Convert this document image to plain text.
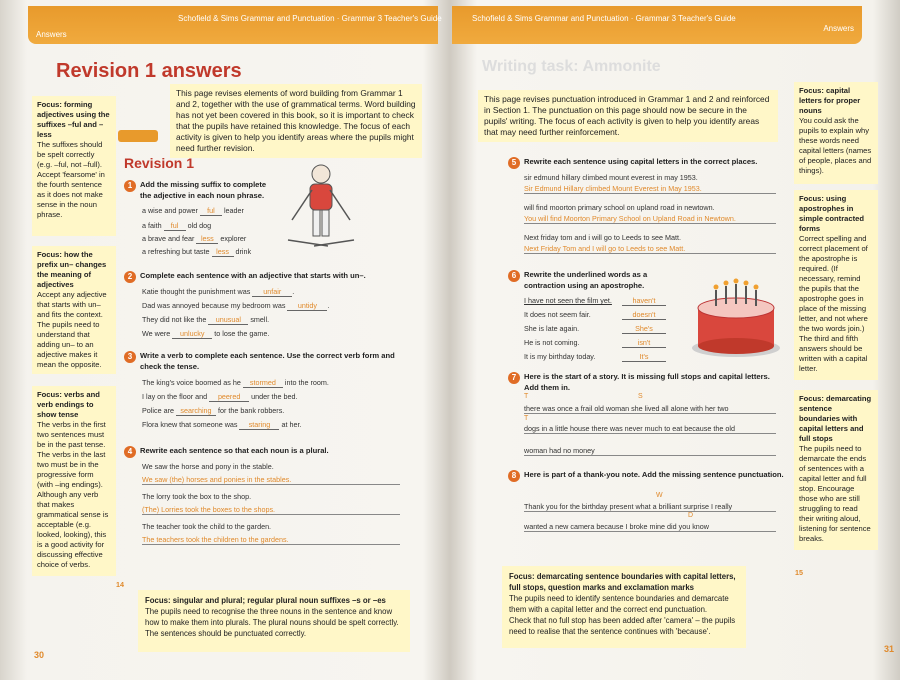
Schofield & Sims Grammar and Punctuation · Grammar 3 Teacher's Guide
Answers
Revision 1 answers
This page revises elements of word building from Grammar 1 and 2, together with the use of grammatical terms. Word building has not yet been covered in this book, so it is important to check that the pupils have retained this knowledge. The focus of each activity is given to help you identify areas where the pupils might need further revision.
Focus: forming adjectives using the suffixes –ful and –less
The suffixes should be spelt correctly (e.g. –ful, not –full). Accept 'fearsome' in the fourth sentence as it does not make sense in the noun phrase.
Focus: how the prefix un– changes the meaning of adjectives
Accept any adjective that starts with un– and fits the context. The pupils need to understand that adding un– to an adjective makes it mean the opposite.
Focus: verbs and verb endings to show tense
The verbs in the first two sentences must be in the past tense. The verbs in the last two must be in the progressive form (with –ing endings). Although any verb that makes grammatical sense is acceptable (e.g. looked, looking), this is a good activity for discussing effective choice of verbs.
Revision 1
1 Add the missing suffix to complete the adjective in each noun phrase.
a wise and power ful leader
a faith ful old dog
a brave and fear less explorer
a refreshing but taste less drink
2 Complete each sentence with an adjective that starts with un–.
Katie thought the punishment was unfair .
Dad was annoyed because my bedroom was untidy .
They did not like the unusual smell.
We were unlucky to lose the game.
3 Write a verb to complete each sentence. Use the correct verb form and check the tense.
The king's voice boomed as he stormed into the room.
I lay on the floor and peered under the bed.
Police are searching for the bank robbers.
Flora knew that someone was staring at her.
4 Rewrite each sentence so that each noun is a plural.
We saw the horse and pony in the stable.
We saw (the) horses and ponies in the stables.
The lorry took the box to the shop.
(The) Lorries took the boxes to the shops.
The teacher took the child to the garden.
The teachers took the children to the gardens.
14
Focus: singular and plural; regular plural noun suffixes –s or –es
The pupils need to recognise the three nouns in the sentence and know how to make them into plurals. The plural nouns should be spelt correctly. The sentences should be punctuated correctly.
30
Schofield & Sims Grammar and Punctuation · Grammar 3 Teacher's Guide
Answers
Writing task: Ammonite
This page revises punctuation introduced in Grammar 1 and 2 and reinforced in Section 1. The punctuation on this page should now be secure in the pupils' writing. The focus of each activity is given to help you identify areas that may need further reinforcement.
Focus: capital letters for proper nouns
You could ask the pupils to explain why these words need capital letters (names of people, places and things).
Focus: using apostrophes in simple contracted forms
Correct spelling and correct placement of the apostrophe is required. (If necessary, remind the pupils that the apostrophe goes in place of the missing letter, and not where the two words join.) The third and fifth answers should be written with a capital letter.
Focus: demarcating sentence boundaries with capital letters and full stops
The pupils need to demarcate the ends of sentences with a capital letter and full stop. Encourage those who are still struggling to read their writing aloud, listening for sentence breaks.
5 Rewrite each sentence using capital letters in the correct places.
sir edmund hillary climbed mount everest in may 1953.
Sir Edmund Hillary climbed Mount Everest in May 1953.
will find moorton primary school on upland road in newtown.
You will find Moorton Primary School on Upland Road in Newtown.
Next friday tom and i will go to Leeds to see Matt.
Next Friday Tom and I will go to Leeds to see Matt.
6 Rewrite the underlined words as a contraction using an apostrophe.
I have not seen the film yet.	haven't
It does not seem fair.	doesn't
She is late again.	She's
He is not coming.	isn't
It is my birthday today.	It's
7 Here is the start of a story. It is missing full stops and capital letters. Add them in.
T	S
T
there was once a frail old woman she lived all alone with her two
dogs in a little house there was never much to eat because the old
woman had no money
8 Here is part of a thank-you note. Add the missing sentence punctuation.
W
D
Thank you for the birthday present what a brilliant surprise I really
wanted a new camera because I broke mine did you know
Focus: demarcating sentence boundaries with capital letters, full stops, question marks and exclamation marks
The pupils need to identify sentence boundaries and demarcate them with a capital letter and the correct end punctuation.
Check that no full stop has been added after 'camera' – the pupils need to realise that the sentence continues with 'because'.
15
31
